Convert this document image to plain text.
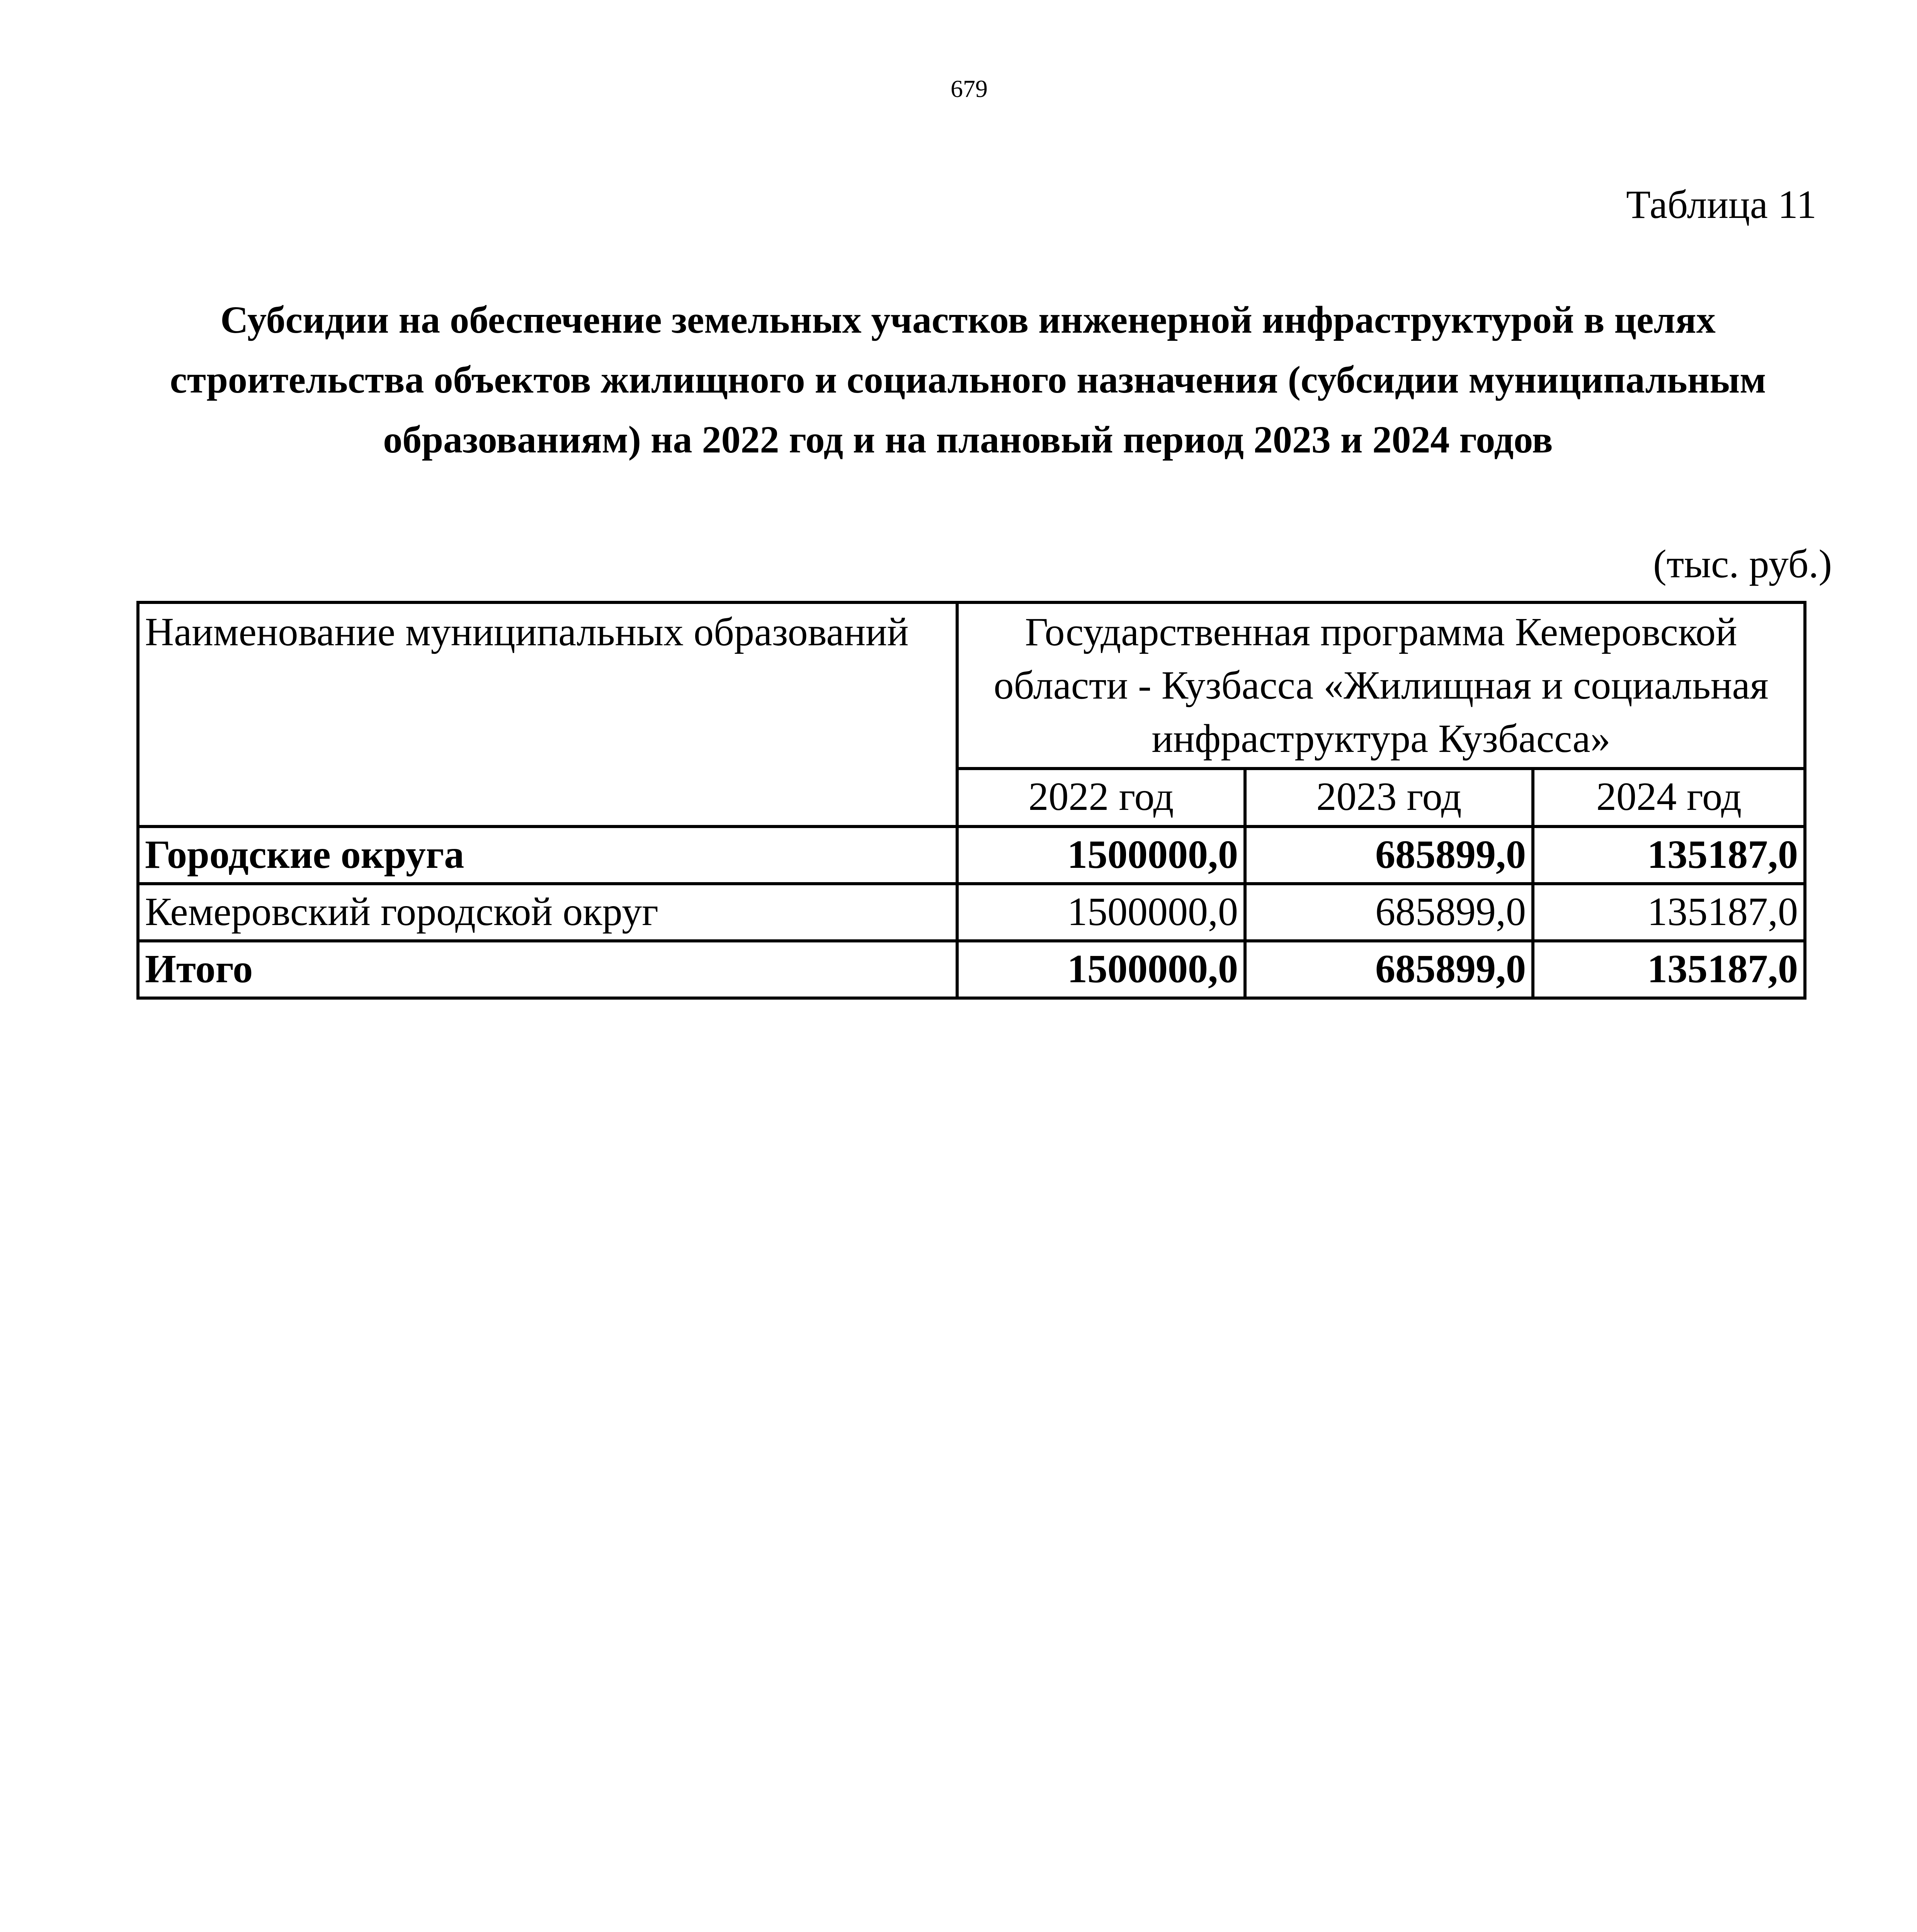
679
Таблица 11
Субсидии на обеспечение земельных участков инженерной инфраструктурой в целях строительства объектов жилищного и социального назначения (субсидии муниципальным образованиям) на 2022 год и на плановый период 2023 и 2024 годов
(тыс. руб.)
Наименование муниципальных образований	Государственная программа Кемеровской области - Кузбасса «Жилищная и социальная инфраструктура Кузбасса»		
	2022 год	2023 год	2024 год
Городские округа	1500000,0	685899,0	135187,0
Кемеровский городской округ	1500000,0	685899,0	135187,0
Итого	1500000,0	685899,0	135187,0
